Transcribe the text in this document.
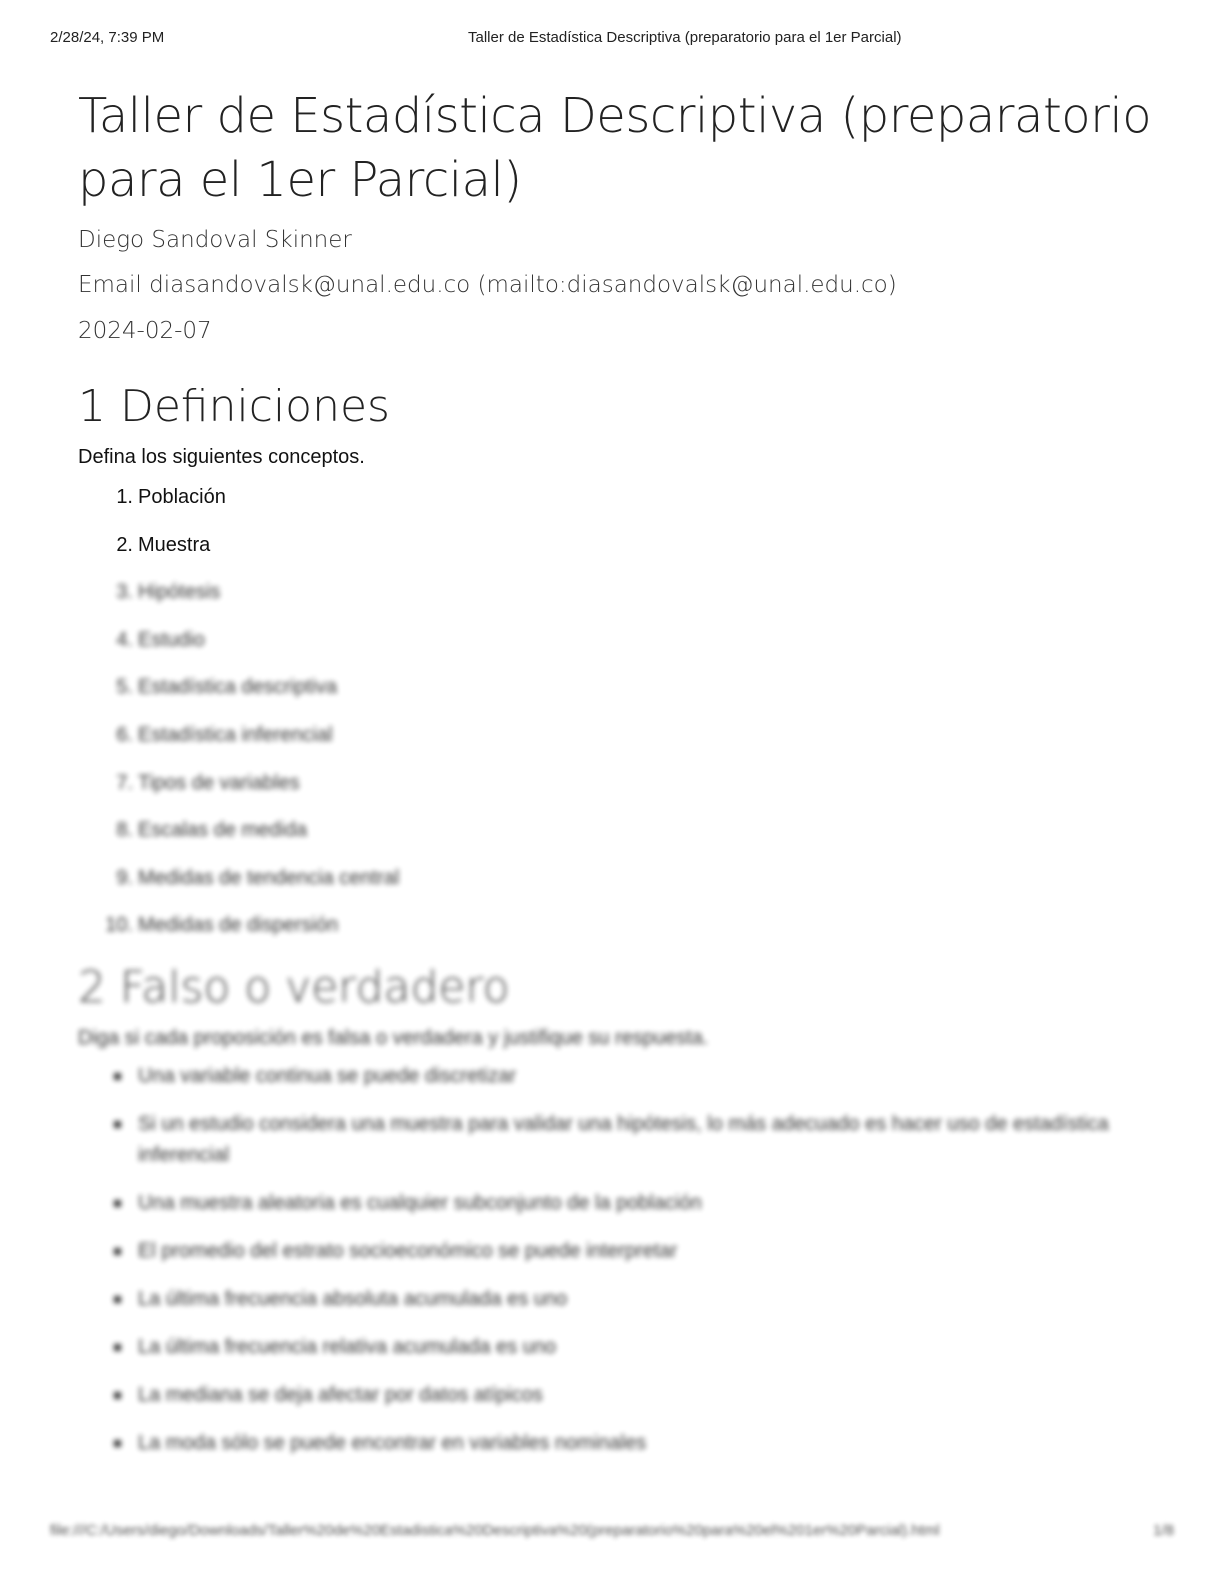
2/28/24, 7:39 PM	Taller de Estadística Descriptiva (preparatorio para el 1er Parcial)
Taller de Estadística Descriptiva (preparatorio para el 1er Parcial)

Diego Sandoval Skinner

Email diasandovalsk@unal.edu.co (mailto:diasandovalsk@unal.edu.co)

2024-02-07

1 Definiciones

Defina los siguientes conceptos.

1. Población
2. Muestra
3. Hipótesis
4. Estudio
5. Estadística descriptiva
6. Estadística inferencial
7. Tipos de variables
8. Escalas de medida
9. Medidas de tendencia central
10. Medidas de dispersión
2 Falso o verdadero

Diga si cada proposición es falsa o verdadera y justifique su respuesta.

Una variable continua se puede discretizar
Si un estudio considera una muestra para validar una hipótesis, lo más adecuado es hacer uso de estadística inferencial
Una muestra aleatoria es cualquier subconjunto de la población
El promedio del estrato socioeconómico se puede interpretar
La última frecuencia absoluta acumulada es uno
La última frecuencia relativa acumulada es uno
La mediana se deja afectar por datos atípicos
La moda sólo se puede encontrar en variables nominales
file:///C:/Users/diego/Downloads/Taller%20de%20Estadistica%20Descriptiva%20(preparatorio%20para%20el%201er%20Parcial).html	1/8
